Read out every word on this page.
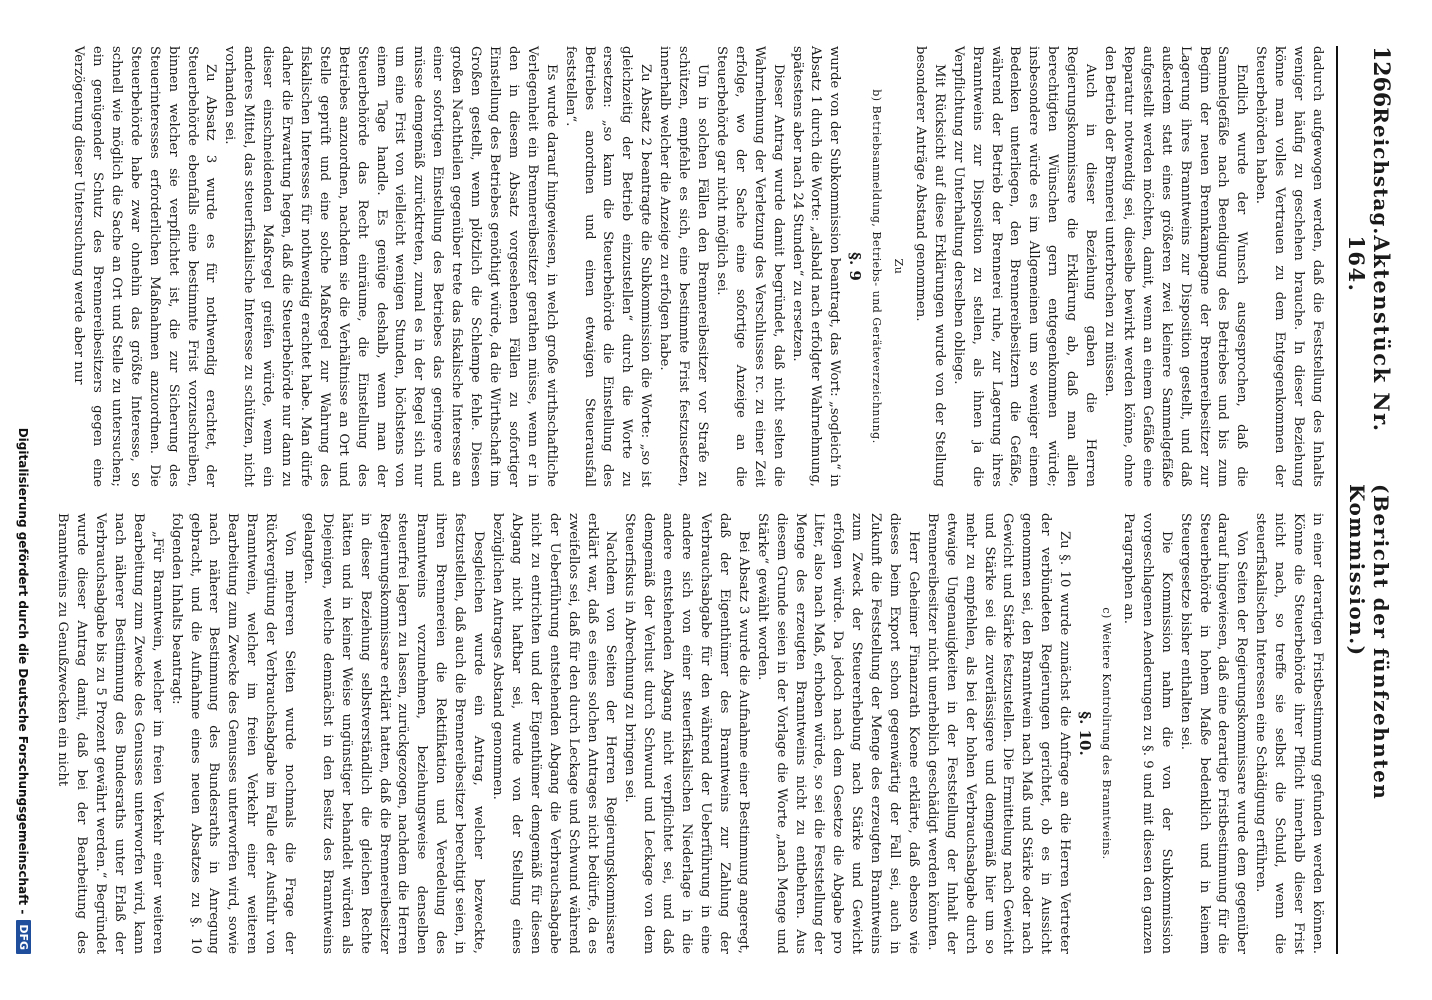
1266
Reichstag.
Aktenstück Nr. 164.
(Bericht der fünfzehnten Kommission.)

dadurch aufgewogen werden, daß die Feststellung des Inhalts weniger häufig zu geschehen brauche. In dieser Beziehung könne man volles Vertrauen zu dem Entgegenkommen der Steuerbehörden haben.

Endlich wurde der Wunsch ausgesprochen, daß die Sammelgefäße nach Beendigung des Betriebes und bis zum Beginn der neuen Brennkampagne der Brennereibesitzer zur Lagerung ihres Branntweins zur Disposition gestellt, und daß außerdem statt eines größeren zwei kleinere Sammelgefäße aufgestellt werden möchten, damit, wenn an einem Gefäße eine Reparatur notwendig sei, dieselbe bewirkt werden könne, ohne den Betrieb der Brennerei unterbrechen zu müssen.

Auch in dieser Beziehung gaben die Herren Regierungskommissare die Erklärung ab, daß man allen berechtigten Wünschen gern entgegenkommen würde; insbesondere würde es im Allgemeinen um so weniger einem Bedenken unterliegen, den Brennereibesitzern die Gefäße, während der Betrieb der Brennerei ruhe, zur Lagerung ihres Branntweins zur Disposition zu stellen, als ihnen ja die Verpflichtung zur Unterhaltung derselben obliege.

Mit Rücksicht auf diese Erklärungen wurde von der Stellung besonderer Anträge Abstand genommen.

Zu
b) Betriebsanmeldung, Betriebs- und Geräteverzeichnung.
§. 9

wurde von der Subkommission beantragt, das Wort: „sogleich“ in Absatz 1 durch die Worte: „alsbald nach erfolgter Wahrnehmung, spätestens aber nach 24 Stunden“ zu ersetzen.

Dieser Antrag wurde damit begründet, daß nicht selten die Wahrnehmung der Verletzung des Verschlusses rc. zu einer Zeit erfolge, wo der Sache eine sofortige Anzeige an die Steuerbehörde gar nicht möglich sei.

Um in solchen Fällen den Brennereibesitzer vor Strafe zu schützen, empfehle es sich, eine bestimmte Frist festzusetzen, innerhalb welcher die Anzeige zu erfolgen habe.

Zu Absatz 2 beantragte die Subkommission die Worte: „so ist gleichzeitig der Betrieb einzustellen“ durch die Worte zu ersetzen: „so kann die Steuerbehörde die Einstellung des Betriebes anordnen und einen etwaigen Steuerausfall feststellen“.

Es wurde darauf hingewiesen, in welch große wirthschaftliche Verlegenheit ein Brennereibesitzer gerathen müsse, wenn er in den in diesem Absatz vorgesehenen Fällen zu sofortiger Einstellung des Betriebes genöthigt würde, da die Wirthschaft im Großen gestellt, wenn plötzlich die Schlempe fehle. Diesen großen Nachtheilen gegenüber trete das fiskalische Interesse an einer sofortigen Einstellung des Betriebes das geringere und müsse demgemäß zurücktreten, zumal es in der Regel sich nur um eine Frist von vielleicht wenigen Stunden, höchstens von einem Tage handle. Es genüge deshalb, wenn man der Steuerbehörde das Recht einräume, die Einstellung des Betriebes anzuordnen, nachdem sie die Verhältnisse an Ort und Stelle geprüft und eine solche Maßregel zur Wahrung des fiskalischen Interesses für nothwendig erachtet habe. Man dürfe daher die Erwartung hegen, daß die Steuerbehörde nur dann zu dieser einschneidenden Maßregel greifen würde, wenn ein anderes Mittel, das steuerfiskalische Interesse zu schützen, nicht vorhanden sei.

Zu Absatz 3 wurde es für nothwendig erachtet, der Steuerbehörde ebenfalls eine bestimmte Frist vorzuschreiben, binnen welcher sie verpflichtet ist, die zur Sicherung des Steuerinteresses erforderlichen Maßnahmen anzuordnen. Die Steuerbehörde habe zwar ohnehin das größte Interesse, so schnell wie möglich die Sache an Ort und Stelle zu untersuchen; ein genügender Schutz des Brennereibesitzers gegen eine Verzögerung dieser Untersuchung werde aber nur

in einer derartigen Fristbestimmung gefunden werden können. Könne die Steuerbehörde ihrer Pflicht innerhalb dieser Frist nicht nach, so treffe sie selbst die Schuld, wenn die steuerfiskalischen Interessen eine Schädigung erführen.

Von Seiten der Regierungskommissare wurde dem gegenüber darauf hingewiesen, daß eine derartige Fristbestimmung für die Steuerbehörde in hohem Maße bedenklich und in keinem Steuergesetze bisher enthalten sei.

Die Kommission nahm die von der Subkommission vorgeschlagenen Aenderungen zu §. 9 und mit diesen den ganzen Paragraphen an.

c) Weitere Kontrolirung des Branntweins.
§. 10.

Zu §. 10 wurde zunächst die Anfrage an die Herren Vertreter der verbündeten Regierungen gerichtet, ob es in Aussicht genommen sei, den Branntwein nach Maß und Stärke oder nach Gewicht und Stärke festzustellen. Die Ermittelung nach Gewicht und Stärke sei die zuverlässigere und demgemäß hier um so mehr zu empfehlen, als bei der hohen Verbrauchsabgabe durch etwaige Ungenauigkeiten in der Feststellung der Inhalt der Brennereibesitzer nicht unerheblich geschädigt werden könnten.

Herr Geheimer Finanzrath Koene erklärte, daß ebenso wie dieses beim Export schon gegenwärtig der Fall sei, auch in Zukunft die Feststellung der Menge des erzeugten Branntweins zum Zweck der Steuererhebung nach Stärke und Gewicht erfolgen würde. Da jedoch nach dem Gesetze die Abgabe pro Liter, also nach Maß, erhoben würde, so sei die Feststellung der Menge des erzeugten Branntweins nicht zu entbehren. Aus diesem Grunde seien in der Vorlage die Worte „nach Menge und Stärke“ gewählt worden.

Bei Absatz 3 wurde die Aufnahme einer Bestimmung angeregt, daß der Eigenthümer des Branntweins zur Zahlung der Verbrauchsabgabe für den während der Ueberführung in eine andere sich von einer steuerfiskalischen Niederlage in die andere entstehenden Abgang nicht verpflichtet sei, und daß demgemäß der Verlust durch Schwund und Leckage von dem Steuerfiskus in Abrechnung zu bringen sei.

Nachdem von Seiten der Herren Regierungskommissare erklärt war, daß es eines solchen Antrages nicht bedürfe, da es zweifellos sei, daß für den durch Leckage und Schwund während der Ueberführung entstehenden Abgang die Verbrauchsabgabe nicht zu entrichten und der Eigenthümer demgemäß für diesen Abgang nicht haftbar sei, wurde von der Stellung eines bezüglichen Antrages Abstand genommen.

Desgleichen wurde ein Antrag, welcher bezweckte, festzustellen, daß auch die Brennereibesitzer berechtigt seien, in ihren Brennereien die Rektifikation und Veredelung des Branntweins vorzunehmen, beziehungsweise denselben steuerfrei lagern zu lassen, zurückgezogen, nachdem die Herren Regierungskommissare erklärt hatten, daß die Brennereibesitzer in dieser Beziehung selbstverständlich die gleichen Rechte hätten und in keiner Weise ungünstiger behandelt würden als Diejenigen, welche demnächst in den Besitz des Branntweins gelangten.

Von mehreren Seiten wurde nochmals die Frage der Rückvergütung der Verbrauchsabgabe im Falle der Ausfuhr von Branntwein, welcher im freien Verkehr einer weiteren Bearbeitung zum Zwecke des Genusses unterworfen wird, sowie nach näherer Bestimmung des Bundesraths in Anregung gebracht, und die Aufnahme eines neuen Absatzes zu §. 10 folgenden Inhalts beantragt:

„Für Branntwein, welcher im freien Verkehr einer weiteren Bearbeitung zum Zwecke des Genusses unterworfen wird, kann nach näherer Bestimmung des Bundesraths unter Erlaß der Verbrauchsabgabe bis zu 5 Prozent gewährt werden.“ Begründet wurde dieser Antrag damit, daß bei der Bearbeitung des Branntweins zu Genußzwecken ein nicht

Digitalisierung gefördert durch die Deutsche Forschungsgemeinschaft -
DFG
